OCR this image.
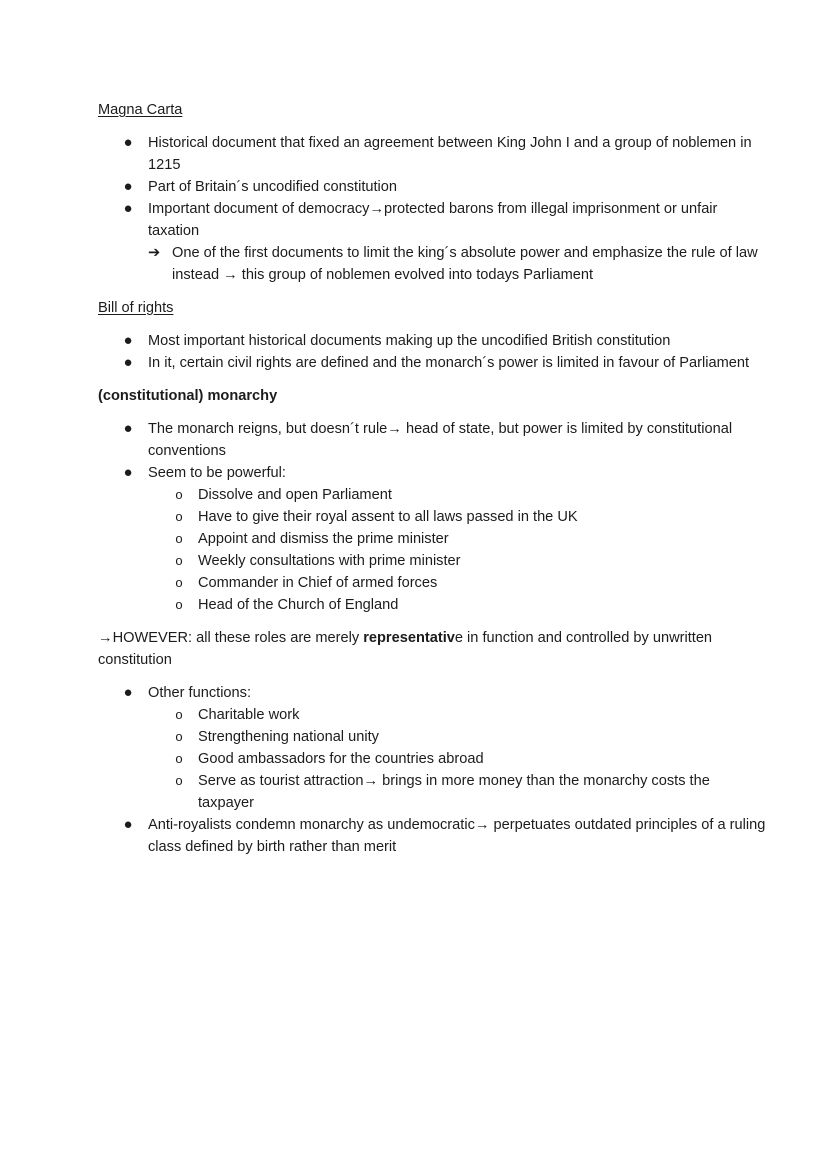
Magna Carta
● Historical document that fixed an agreement between King John I and a group of noblemen in 1215
● Part of Britain´s uncodified constitution
● Important document of democracy→protected barons from illegal imprisonment or unfair taxation
➔ One of the first documents to limit the king´s absolute power and emphasize the rule of law instead → this group of noblemen evolved into todays Parliament
Bill of rights
● Most important historical documents making up the uncodified British constitution
● In it, certain civil rights are defined and the monarch´s power is limited in favour of Parliament
(constitutional) monarchy
● The monarch reigns, but doesn´t rule→ head of state, but power is limited by constitutional conventions
● Seem to be powerful:
o Dissolve and open Parliament
o Have to give their royal assent to all laws passed in the UK
o Appoint and dismiss the prime minister
o Weekly consultations with prime minister
o Commander in Chief of armed forces
o Head of the Church of England

→HOWEVER: all these roles are merely representative in function and controlled by unwritten constitution

● Other functions:
o Charitable work
o Strengthening national unity
o Good ambassadors for the countries abroad
o Serve as tourist attraction→ brings in more money than the monarchy costs the taxpayer
● Anti-royalists condemn monarchy as undemocratic→ perpetuates outdated principles of a ruling class defined by birth rather than merit
